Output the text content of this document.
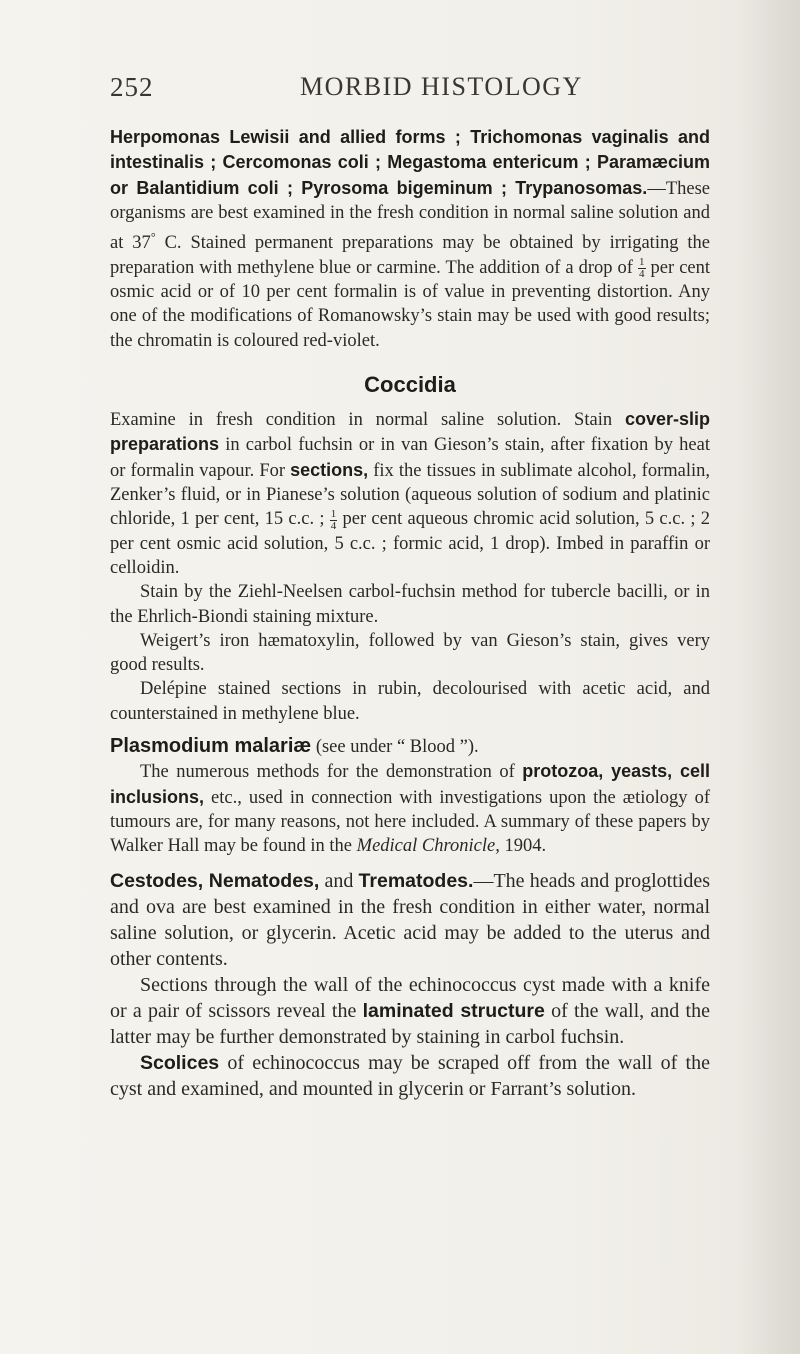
252	MORBID HISTOLOGY

Herpomonas Lewisii and allied forms ; Trichomonas vaginalis and intestinalis ; Cercomonas coli ; Megastoma entericum ; Paramæcium or Balantidium coli ; Pyrosoma bigeminum ; Trypanosomas.—These organisms are best examined in the fresh condition in normal saline solution and at 37° C. Stained permanent preparations may be obtained by irrigating the preparation with methylene blue or carmine. The addition of a drop of $\frac{1}{4}$ per cent osmic acid or of 10 per cent formalin is of value in preventing distortion. Any one of the modifications of Romanowsky’s stain may be used with good results; the chromatin is coloured red-violet.

Coccidia

Examine in fresh condition in normal saline solution. Stain cover-slip preparations in carbol fuchsin or in van Gieson’s stain, after fixation by heat or formalin vapour. For sections, fix the tissues in sublimate alcohol, formalin, Zenker’s fluid, or in Pianese’s solution (aqueous solution of sodium and platinic chloride, 1 per cent, 15 c.c. ; $\frac{1}{4}$ per cent aqueous chromic acid solution, 5 c.c. ; 2 per cent osmic acid solution, 5 c.c. ; formic acid, 1 drop). Imbed in paraffin or celloidin.

Stain by the Ziehl-Neelsen carbol-fuchsin method for tubercle bacilli, or in the Ehrlich-Biondi staining mixture.

Weigert’s iron hæmatoxylin, followed by van Gieson’s stain, gives very good results.

Delépine stained sections in rubin, decolourised with acetic acid, and counterstained in methylene blue.

Plasmodium malariæ (see under “ Blood ”).

The numerous methods for the demonstration of protozoa, yeasts, cell inclusions, etc., used in connection with investigations upon the ætiology of tumours are, for many reasons, not here included. A summary of these papers by Walker Hall may be found in the Medical Chronicle, 1904.

Cestodes, Nematodes, and Trematodes.—The heads and proglottides and ova are best examined in the fresh condition in either water, normal saline solution, or glycerin. Acetic acid may be added to the uterus and other contents.

Sections through the wall of the echinococcus cyst made with a knife or a pair of scissors reveal the laminated structure of the wall, and the latter may be further demonstrated by staining in carbol fuchsin.

Scolices of echinococcus may be scraped off from the wall of the cyst and examined, and mounted in glycerin or Farrant’s solution.
